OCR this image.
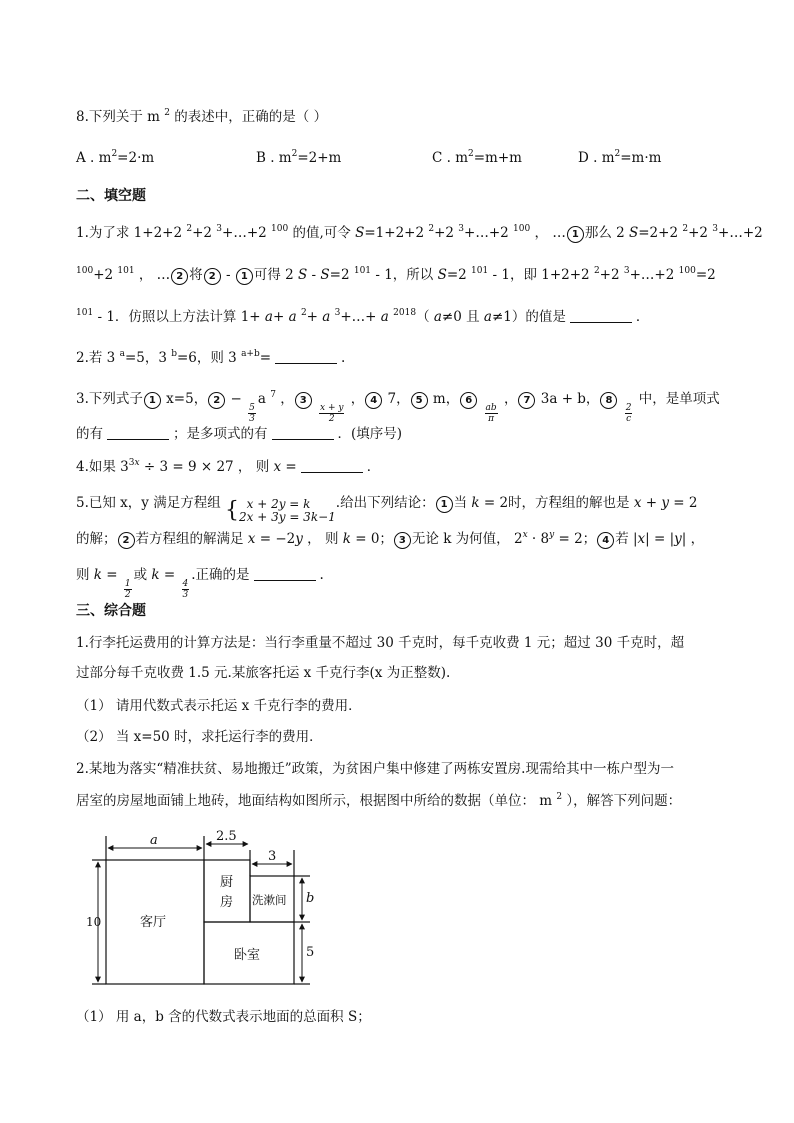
8.下列关于 m $^2$ 的表述中，正确的是（ ）
A . $m^2=2\cdot m$	B . $m^2=2+m$	C . $m^2=m+m$	D . $m^2=m\cdot m$
二、填空题
1.为了求 1+2+2 $^2$+2 $^3$+…+2 $^{100}$ 的值,可令 S=1+2+2 $^2$+2 $^3$+…+2 $^{100}$ ， … 1 那么 2 S=2+2 $^2$+2 $^3$+…+2
$^{100}$+2 $^{101}$ ， … 2 将 2 - 1 可得 2 S - S=2 $^{101}$ - 1，所以 S=2 $^{101}$ - 1，即 1+2+2 $^2$+2 $^3$+…+2 $^{100}$=2
$^{101}$ - 1．仿照以上方法计算 1+ a+ a $^2$+ a $^3$+…+ a $^{2018}$（ a≠0 且 a≠1）的值是	．
2.若 3 $^a$=5，3 $^b$=6，则 3 $^{a+b}$=	.
3.下列式子 1 x=5， 2 −
$\frac{5}{3}$
a $^7$ ， 3
$\frac{x + y}{2}$
， 4 7， 5 m， 6
$\frac{ab}{\pi}$
， 7 3a + b， 8
$\frac{2}{c}$
中，是单项式
的有	；是多项式的有	．(填序号)
4.如果 $3^{3x} \div 3 = 9 \times 27$ ， 则 x =	．
5.已知 x，y 满足方程组 { x + 2y = k
2x + 3y = 3k−1
.给出下列结论： 1 当 k = 2时，方程组的解也是 x + y = 2
的解； 2 若方程组的解满足 x = −2y ， 则 k = 0； 3 无论 k 为何值， $2^x \cdot 8^y = 2$； 4 若 |x| = |y| ，
则 k =
$\frac{1}{2}$
或 k =
$\frac{4}{3}$
.正确的是	.
三、综合题
1.行李托运费用的计算方法是：当行李重量不超过 30 千克时，每千克收费 1 元；超过 30 千克时，超
过部分每千克收费 1.5 元.某旅客托运 x 千克行李(x 为正整数).
（1） 请用代数式表示托运 x 千克行李的费用．
（2） 当 x=50 时，求托运行李的费用．
2.某地为落实“精准扶贫、易地搬迁”政策，为贫困户集中修建了两栋安置房.现需给其中一栋户型为一
居室的房屋地面铺上地砖，地面结构如图所示，根据图中所给的数据（单位： m $^2$ ），解答下列问题：
a	2.5
3
10
b
5
客厅
厨
房 洗漱间
卧室
（1） 用 a，b 含的代数式表示地面的总面积 S；
